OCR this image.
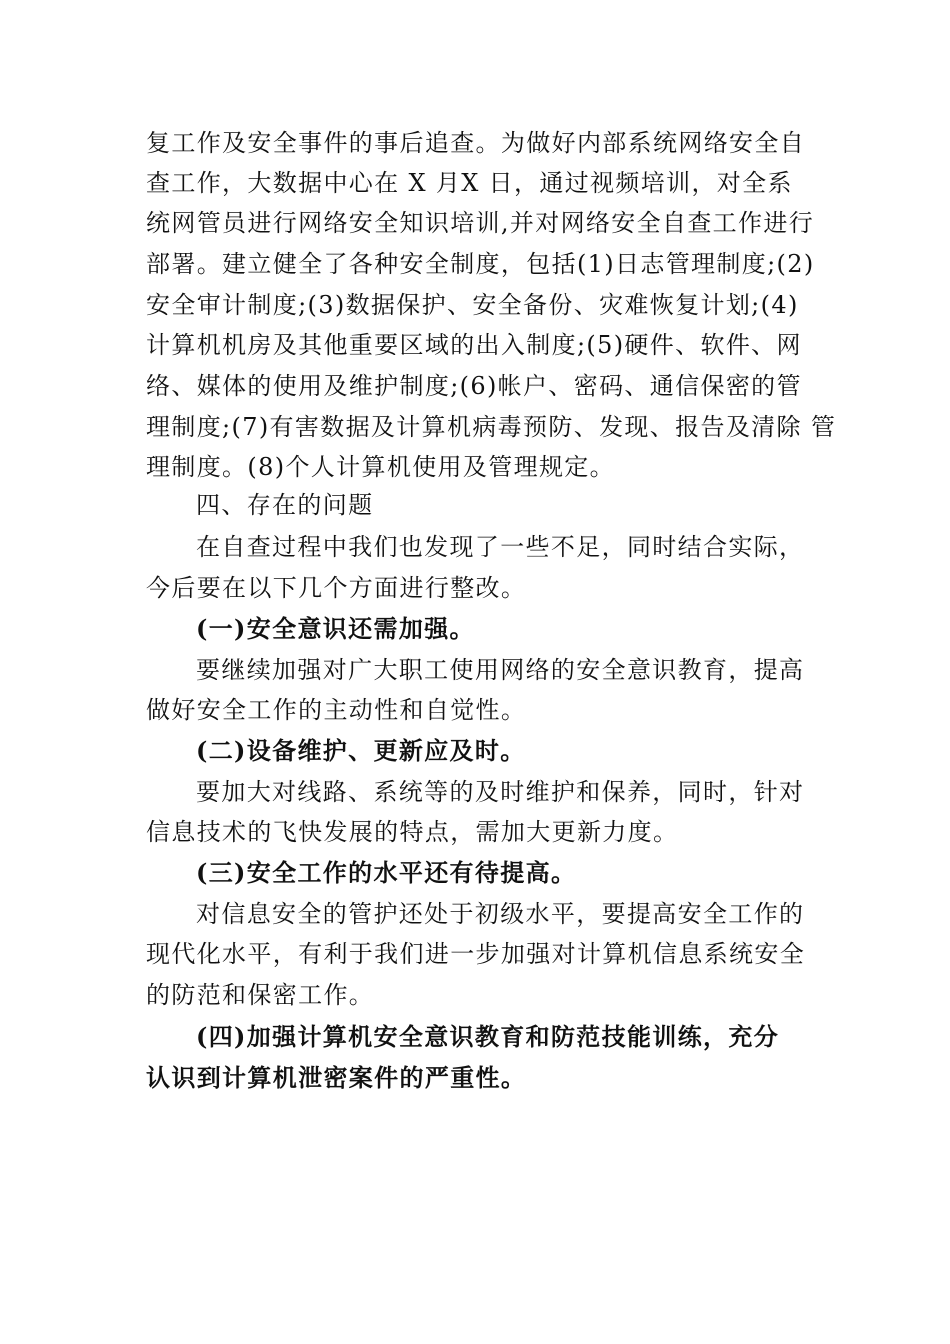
复工作及安全事件的事后追查。为做好内部系统网络安全自
查工作，大数据中心在 X 月X 日，通过视频培训，对全系
统网管员进行网络安全知识培训,并对网络安全自查工作进行
部署。建立健全了各种安全制度，包括(1)日志管理制度;(2)
安全审计制度;(3)数据保护、安全备份、灾难恢复计划;(4)
计算机机房及其他重要区域的出入制度;(5)硬件、软件、网
络、媒体的使用及维护制度;(6)帐户、密码、通信保密的管
理制度;(7)有害数据及计算机病毒预防、发现、报告及清除 管
理制度。(8)个人计算机使用及管理规定。
四、存在的问题
在自查过程中我们也发现了一些不足，同时结合实际，
今后要在以下几个方面进行整改。
(一)安全意识还需加强。
要继续加强对广大职工使用网络的安全意识教育，提高
做好安全工作的主动性和自觉性。
(二)设备维护、更新应及时。
要加大对线路、系统等的及时维护和保养，同时，针对
信息技术的飞快发展的特点，需加大更新力度。
(三)安全工作的水平还有待提高。
对信息安全的管护还处于初级水平，要提高安全工作的
现代化水平，有利于我们进一步加强对计算机信息系统安全
的防范和保密工作。
(四)加强计算机安全意识教育和防范技能训练，充分
认识到计算机泄密案件的严重性。
